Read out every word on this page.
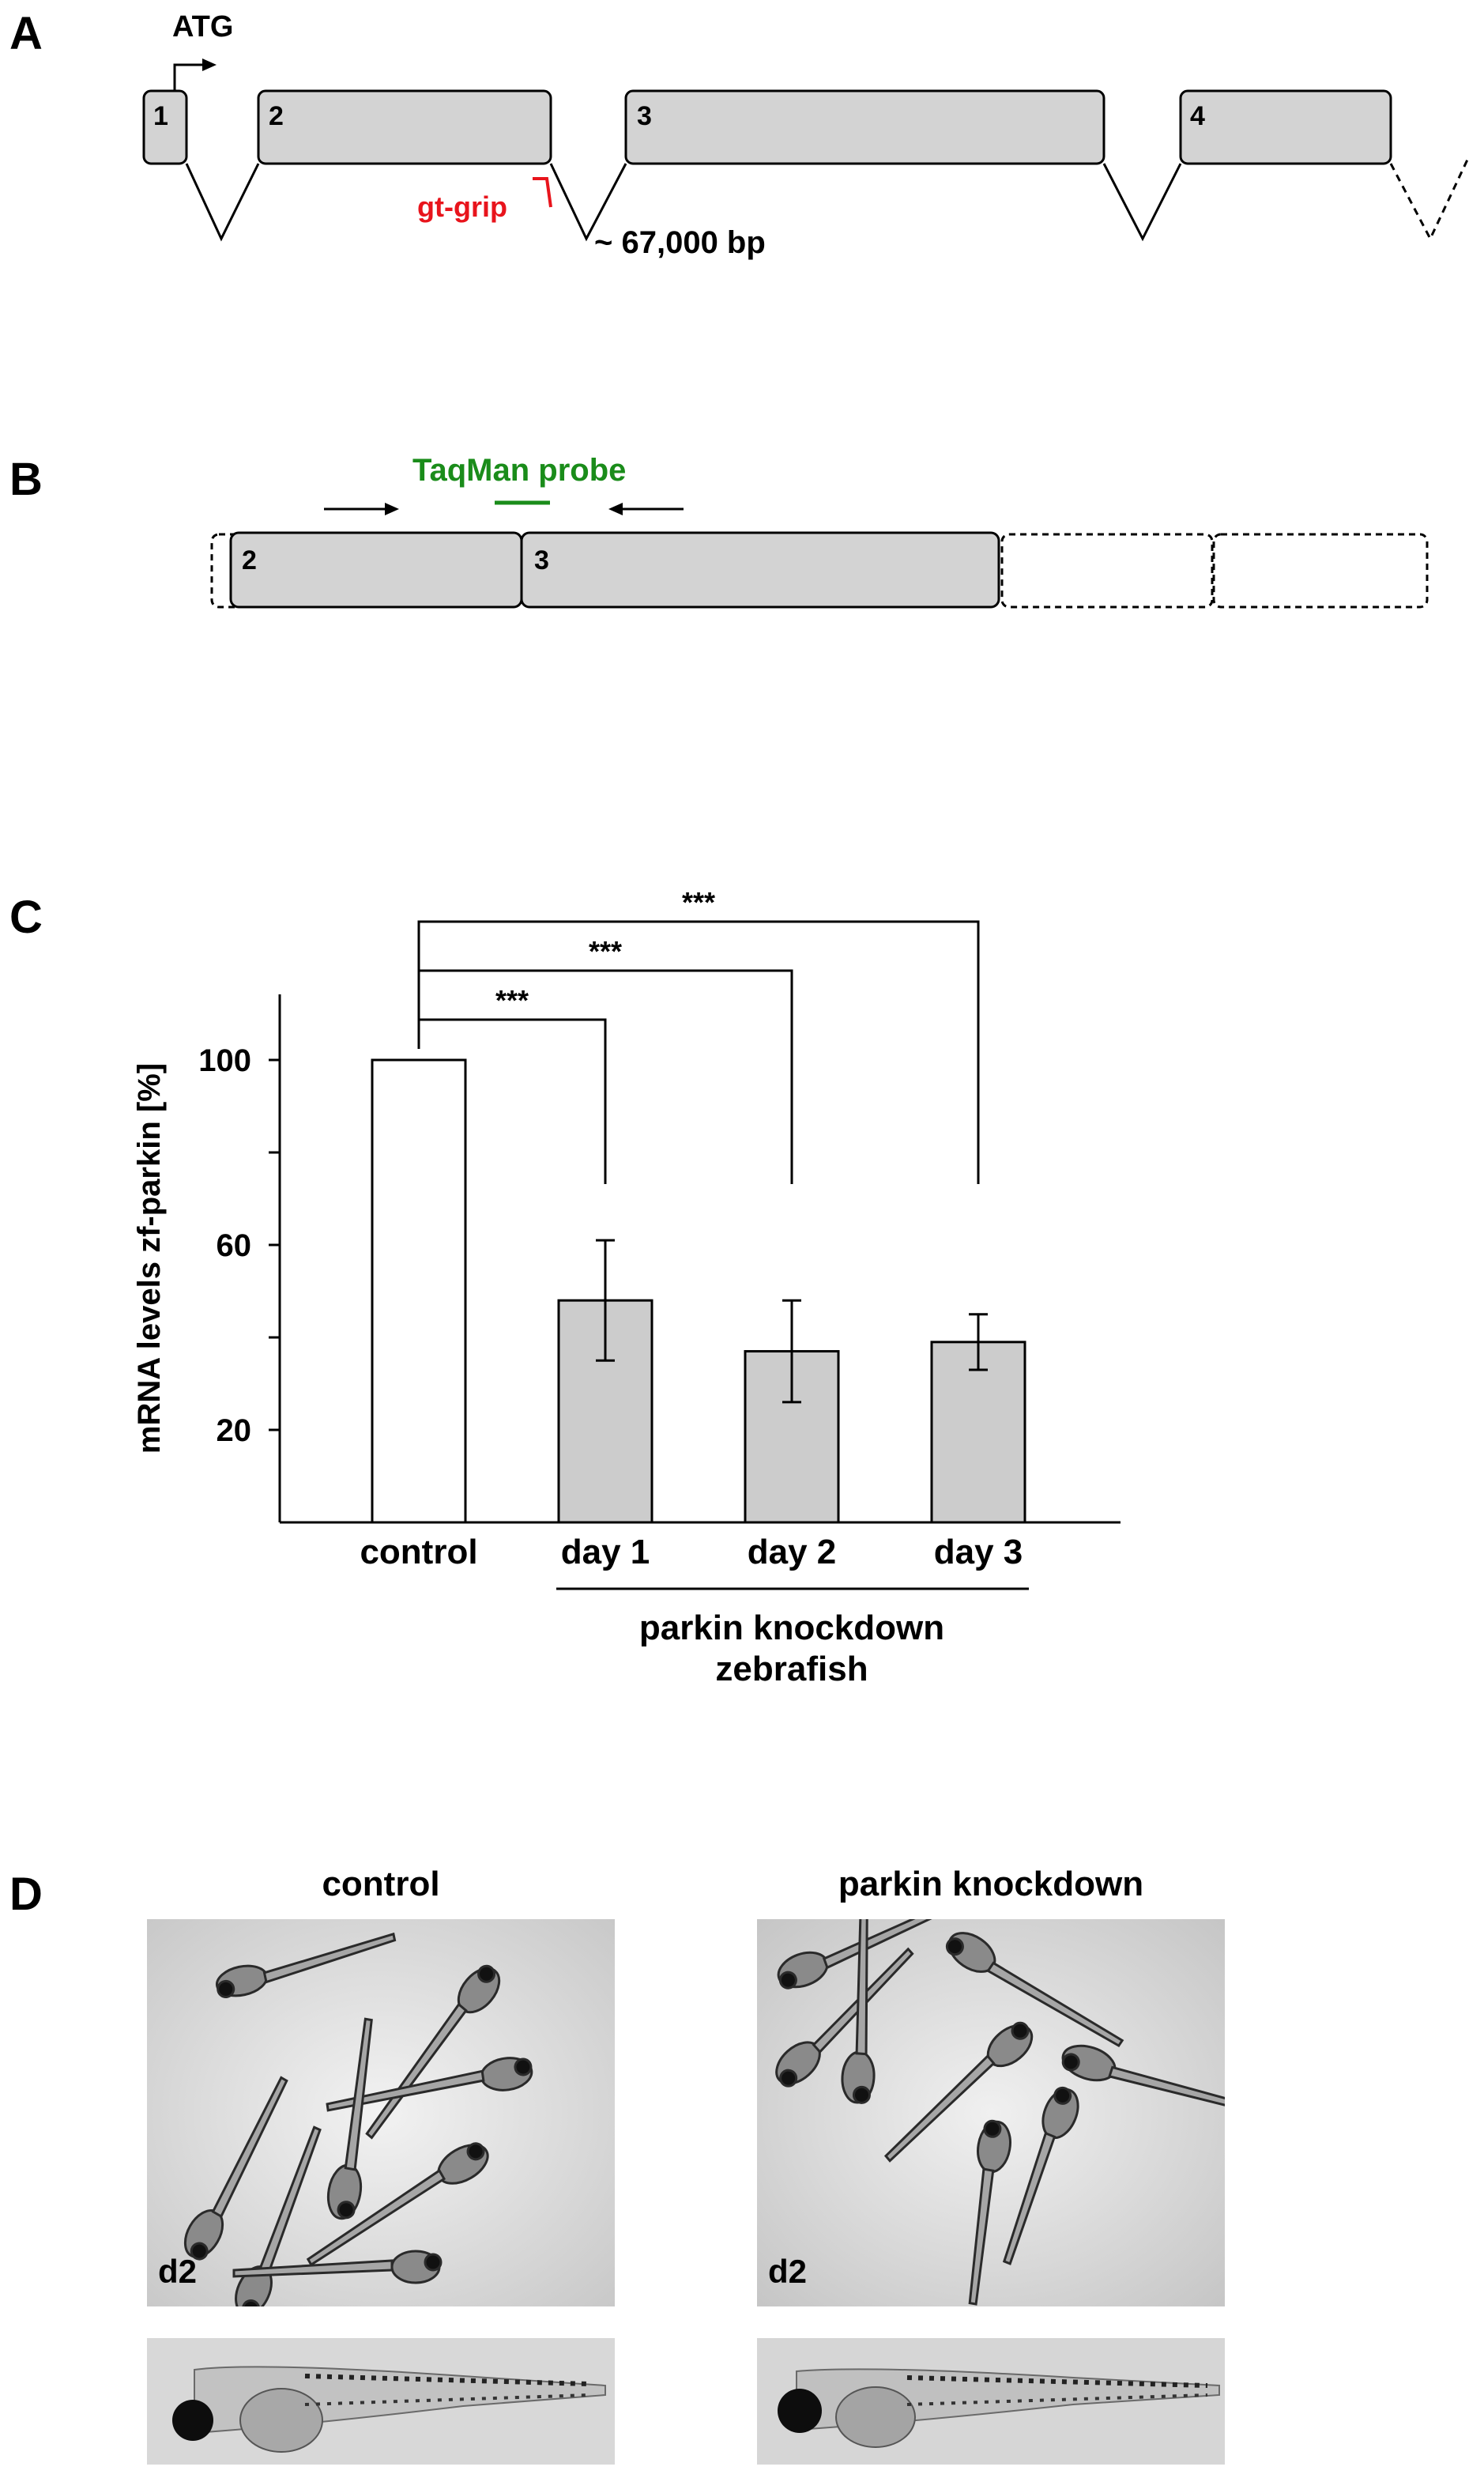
A	ATG
1	2	3	4
gt-grip
~ 67,000 bp
B	TaqMan probe
2	3
C
mRNA levels zf-parkin [%]
100
60
20
***
***
***
control day 1	day 2	day 3
parkin knockdown
zebrafish
D	control	parkin knockdown
d2	d2
